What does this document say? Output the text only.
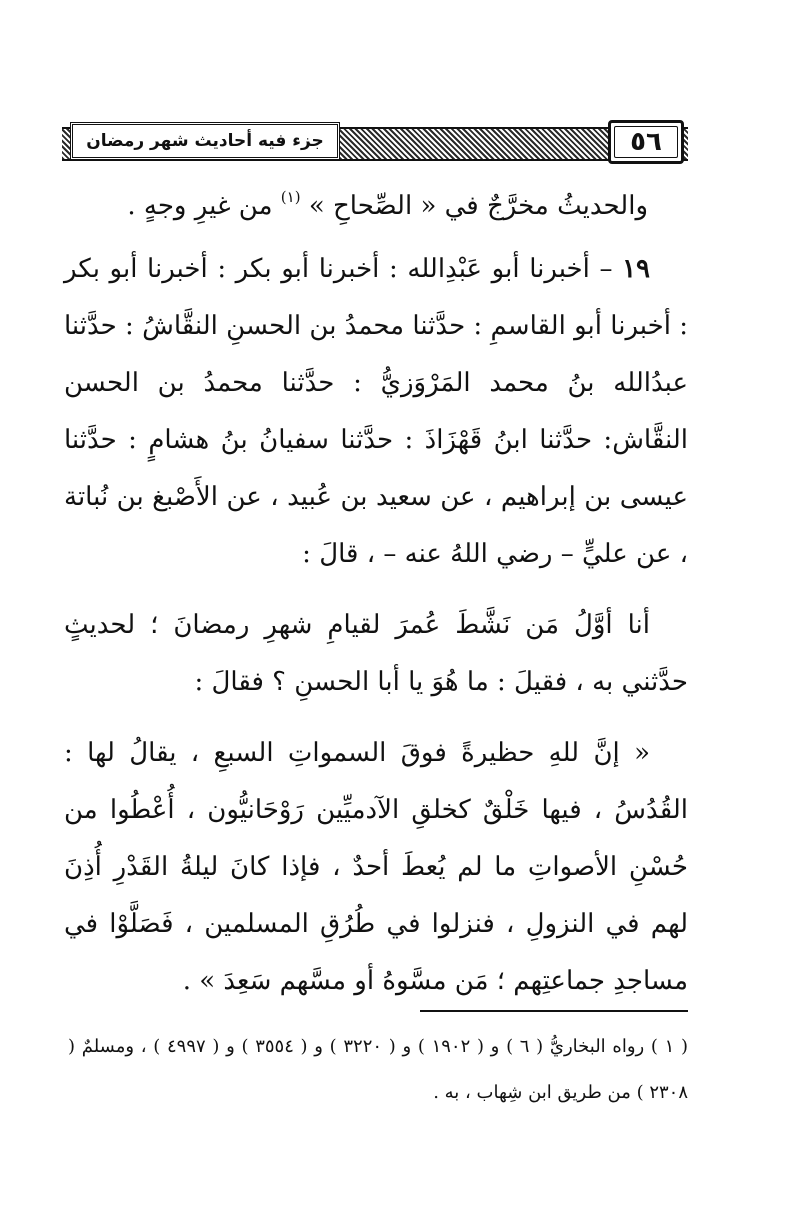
جزء فيه أحاديث شهر رمضان	٥٦

والحديثُ مخرَّجٌ في « الصِّحاحِ » $^{(١)}$ من غيرِ وجهٍ .

١٩ – أخبرنا أبو عَبْدِالله : أخبرنا أبو بكر : أخبرنا أبو بكر : أخبرنا أبو القاسمِ : حدَّثنا محمدُ بن الحسنِ النقَّاشُ : حدَّثنا عبدُالله بنُ محمد المَرْوَزيُّ : حدَّثنا محمدُ بن الحسن النقَّاش: حدَّثنا ابنُ قَهْزَاذَ : حدَّثنا سفيانُ بنُ هشامٍ : حدَّثنا عيسى بن إبراهيم ، عن سعيد بن عُبيد ، عن الأَصْبغ بن نُباتة ، عن عليٍّ – رضي اللهُ عنه – ، قالَ :

أنا أوَّلُ مَن نَشَّطَ عُمرَ لقيامِ شهرِ رمضانَ ؛ لحديثٍ حدَّثني به ، فقيلَ : ما هُوَ يا أبا الحسنِ ؟ فقالَ :

« إنَّ للهِ حظيرةً فوقَ السمواتِ السبعِ ، يقالُ لها : القُدُسُ ، فيها خَلْقٌ كخلقِ الآدميِّين رَوْحَانيُّون ، أُعْطُوا من حُسْنِ الأصواتِ ما لم يُعطَ أحدٌ ، فإذا كانَ ليلةُ القَدْرِ أُذِنَ لهم في النزولِ ، فنزلوا في طُرُقِ المسلمين ، فَصَلَّوْا في مساجدِ جماعتِهم ؛ مَن مسَّوهُ أو مسَّهم سَعِدَ » .

( ١ ) رواه البخاريُّ ( ٦ ) و ( ١٩٠٢ ) و ( ٣٢٢٠ ) و ( ٣٥٥٤ ) و ( ٤٩٩٧ ) ، ومسلمٌ ( ٢٣٠٨ ) من طريق ابن شِهاب ، به .
